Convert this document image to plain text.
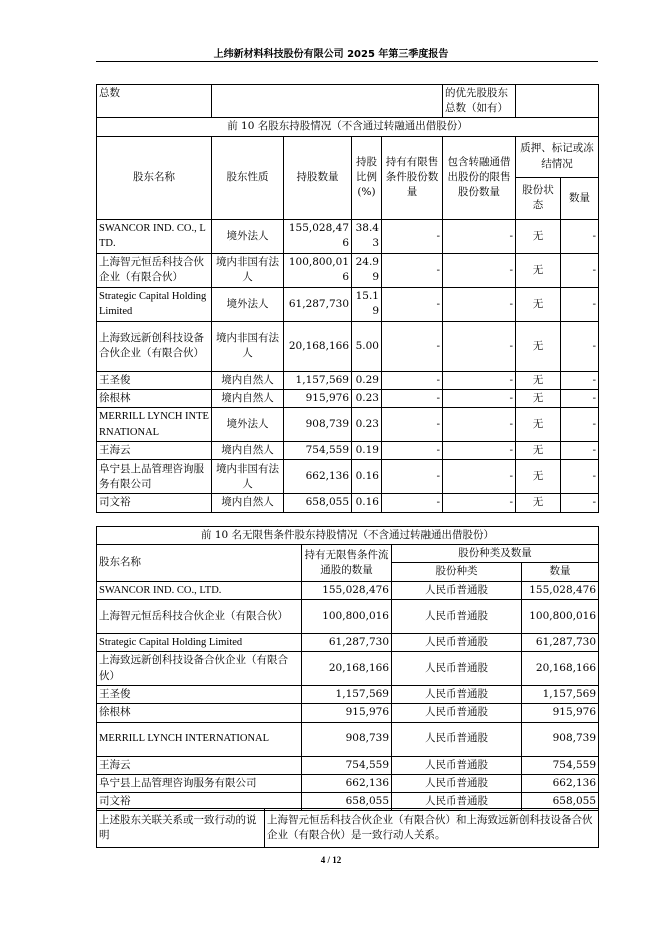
上纬新材料科技股份有限公司 2025 年第三季度报告
总数					的优先股股东总数（如有）		
前 10 名股东持股情况（不含通过转融通出借股份）							
股东名称	股东性质	持股数量	持股比例(%)	持有有限售条件股份数量	包含转融通借出股份的限售股份数量	质押、标记或冻结情况	
						股份状态	数量
SWANCOR IND. CO., LTD.	境外法人	155,028,476	38.43	-	-	无	-
上海智元恒岳科技合伙企业（有限合伙）	境内非国有法人	100,800,016	24.99	-	-	无	-
Strategic Capital Holding Limited	境外法人	61,287,730	15.19	-	-	无	-
上海致远新创科技设备合伙企业（有限合伙）	境内非国有法人	20,168,166	5.00	-	-	无	-
王圣俊	境内自然人	1,157,569	0.29	-	-	无	-
徐根林	境内自然人	915,976	0.23	-	-	无	-
MERRILL LYNCH INTERNATIONAL	境外法人	908,739	0.23	-	-	无	-
王海云	境内自然人	754,559	0.19	-	-	无	-
阜宁县上品管理咨询服务有限公司	境内非国有法人	662,136	0.16	-	-	无	-
司文裕	境内自然人	658,055	0.16	-	-	无	-
前 10 名无限售条件股东持股情况（不含通过转融通出借股份）			
股东名称	持有无限售条件流通股的数量	股份种类及数量	
		股份种类	数量
SWANCOR IND. CO., LTD.	155,028,476	人民币普通股	155,028,476
上海智元恒岳科技合伙企业（有限合伙）	100,800,016	人民币普通股	100,800,016
Strategic Capital Holding Limited	61,287,730	人民币普通股	61,287,730
上海致远新创科技设备合伙企业（有限合伙）	20,168,166	人民币普通股	20,168,166
王圣俊	1,157,569	人民币普通股	1,157,569
徐根林	915,976	人民币普通股	915,976
MERRILL LYNCH INTERNATIONAL	908,739	人民币普通股	908,739
王海云	754,559	人民币普通股	754,559
阜宁县上品管理咨询服务有限公司	662,136	人民币普通股	662,136
司文裕	658,055	人民币普通股	658,055
上述股东关联关系或一致行动的说明	上海智元恒岳科技合伙企业（有限合伙）和上海致远新创科技设备合伙企业（有限合伙）是一致行动人关系。
4 / 12
